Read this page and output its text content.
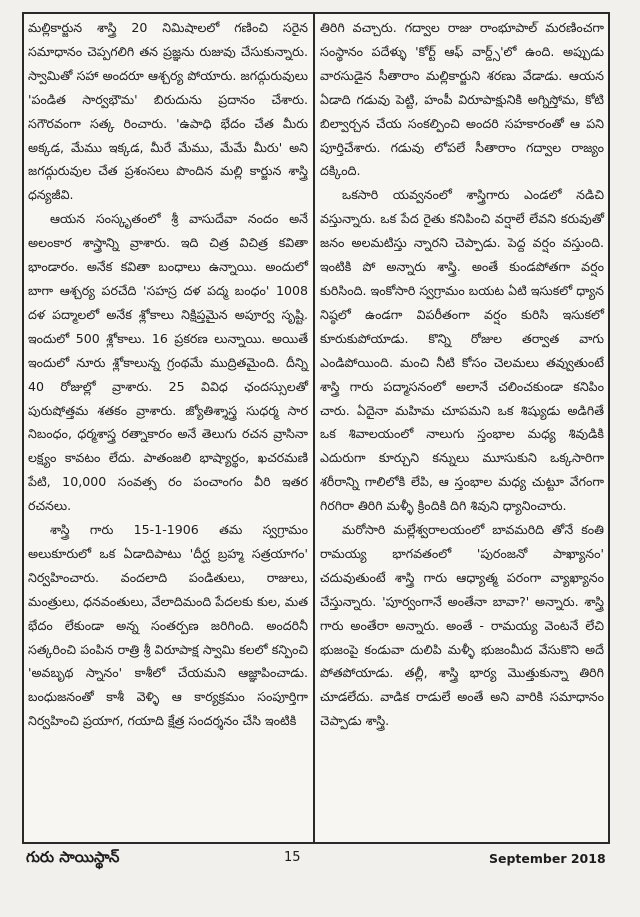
మల్లికార్జున శాస్త్రి 20 నిమిషాలలో గణించి సరైన సమాధానం చెప్పగలిగి తన ప్రజ్ఞను రుజువు చేసుకున్నారు. స్వామితో సహా అందరూ ఆశ్చర్య పోయారు. జగద్గురువులు 'పండిత సార్వభౌమ' బిరుదును ప్రదానం చేశారు. సగౌరవంగా సత్క రించారు. 'ఉపాధి భేదం చేత మీరు అక్కడ, మేము ఇక్కడ, మీరే మేము, మేమే మీరు' అని జగద్గురువుల చేత ప్రశంసలు పొందిన మల్లి కార్జున శాస్త్రి ధన్యజీవి.

ఆయన సంస్కృతంలో శ్రీ వాసుదేవా నందం అనే అలంకార శాస్త్రాన్ని వ్రాశారు. ఇది చిత్ర విచిత్ర కవితా భాండారం. అనేక కవితా బంధాలు ఉన్నాయి. అందులో బాగా ఆశ్చర్య పరచేది 'సహస్ర దళ పద్మ బంధం' 1008 దళ పద్మాలలో అనేక శ్లోకాలు నిక్షిప్తమైన అపూర్వ సృష్టి. ఇందులో 500 శ్లోకాలు. 16 ప్రకరణ లున్నాయి. అయితే ఇందులో నూరు శ్లోకాలున్న గ్రంథమే ముద్రితమైంది. దీన్ని 40 రోజుల్లో వ్రాశారు. 25 వివిధ ఛందస్సులతో పురుషోత్తమ శతకం వ్రాశారు. జ్యోతిశ్శాస్త్ర సుధర్మ సార నిబంధం, ధర్మశాస్త్ర రత్నాకారం అనే తెలుగు రచన వ్రాసినా లక్ష్యం కావటం లేదు. పాతంజలి భాష్యార్థం, ఖచరమణి పేటి, 10,000 సంవత్స రం పంచాంగం వీరి ఇతర రచనలు.

శాస్త్రి గారు 15-1-1906 తమ స్వగ్రామం అలుకూరులో ఒక ఏడాదిపాటు 'దీర్ఘ బ్రహ్మ సత్రయాగం' నిర్వహించారు. వందలాది పండితులు, రాజులు, మంత్రులు, ధనవంతులు, వేలాదిమంది పేదలకు కుల, మత భేదం లేకుండా అన్న సంతర్పణ జరిగింది. అందరినీ సత్కరించి పంపిన రాత్రి శ్రీ విరూపాక్ష స్వామి కలలో కన్పించి 'అవబృథ స్నానం' కాశీలో చేయమని ఆజ్ఞాపించాడు. బంధుజనంతో కాశీ వెళ్ళి ఆ కార్యక్రమం సంపూర్తిగా నిర్వహించి ప్రయాగ, గయాది క్షేత్ర సందర్శనం చేసి ఇంటికి

తిరిగి వచ్చారు. గద్వాల రాజు రాంభూపాల్ మరణించగా సంస్థానం పదేళ్ళు 'కోర్ట్ ఆఫ్ వార్డ్స్'లో ఉంది. అప్పుడు వారసుడైన సీతారాం మల్లికార్జుని శరణు వేడాడు. ఆయన ఏడాది గడువు పెట్టి, హంపీ విరూపాక్షునికి అగ్నిస్తోమ, కోటి బిల్వార్చన చేయ సంకల్పించి అందరి సహకారంతో ఆ పని పూర్తిచేశారు. గడువు లోపలే సీతారాం గద్వాల రాజ్యం దక్కింది.

ఒకసారి యవ్వనంలో శాస్త్రిగారు ఎండలో నడిచి వస్తున్నారు. ఒక పేద రైతు కనిపించి వర్షాలే లేవని కరువుతో జనం అలమటిస్తు న్నారని చెప్పాడు. పెద్ద వర్షం వస్తుంది. ఇంటికి పో అన్నారు శాస్త్రి. అంతే కుండపోతగా వర్షం కురిసింది. ఇంకోసారి స్వగ్రామం బయట ఏటి ఇసుకలో ధ్యాన నిష్ఠలో ఉండగా విపరీతంగా వర్షం కురిసి ఇసుకలో కూరుకుపోయాడు. కొన్ని రోజుల తర్వాత వాగు ఎండిపోయింది. మంచి నీటి కోసం చెలమలు తవ్వుతుంటే శాస్త్రి గారు పద్మాసనంలో అలానే చలించకుండా కనిపిం చారు. ఏదైనా మహిమ చూపమని ఒక శిష్యుడు అడిగితే ఒక శివాలయంలో నాలుగు స్తంభాల మధ్య శివుడికి ఎదురుగా కూర్చుని కన్నులు మూసుకుని ఒక్కసారిగా శరీరాన్ని గాలిలోకి లేపి, ఆ స్తంభాల మధ్య చుట్టూ వేగంగా గిరగిరా తిరిగి మళ్ళీ క్రిందికి దిగి శివుని ధ్యానించారు.

మరోసారి మల్లేశ్వరాలయంలో బావమరిది తోనే కంతి రామయ్య భాగవతంలో 'పురంజనో పాఖ్యానం' చదువుతుంటే శాస్త్రి గారు ఆధ్యాత్మ పరంగా వ్యాఖ్యానం చేస్తున్నారు. 'పూర్వంగానే అంతేనా బావా?' అన్నారు. శాస్త్రి గారు అంతేరా అన్నారు. అంతే - రామయ్య వెంటనే లేచి భుజంపై కండువా దులిపి మళ్ళీ భుజంమీద వేసుకొని అదే పోతపోయాడు. తల్లీ, శాస్త్రి భార్య మొత్తుకున్నా తిరిగి చూడలేదు. వాడిక రాడులే అంతే అని వారికి సమాధానం చెప్పాడు శాస్త్రి.

గురు సాయిస్థాన్	15	September 2018
